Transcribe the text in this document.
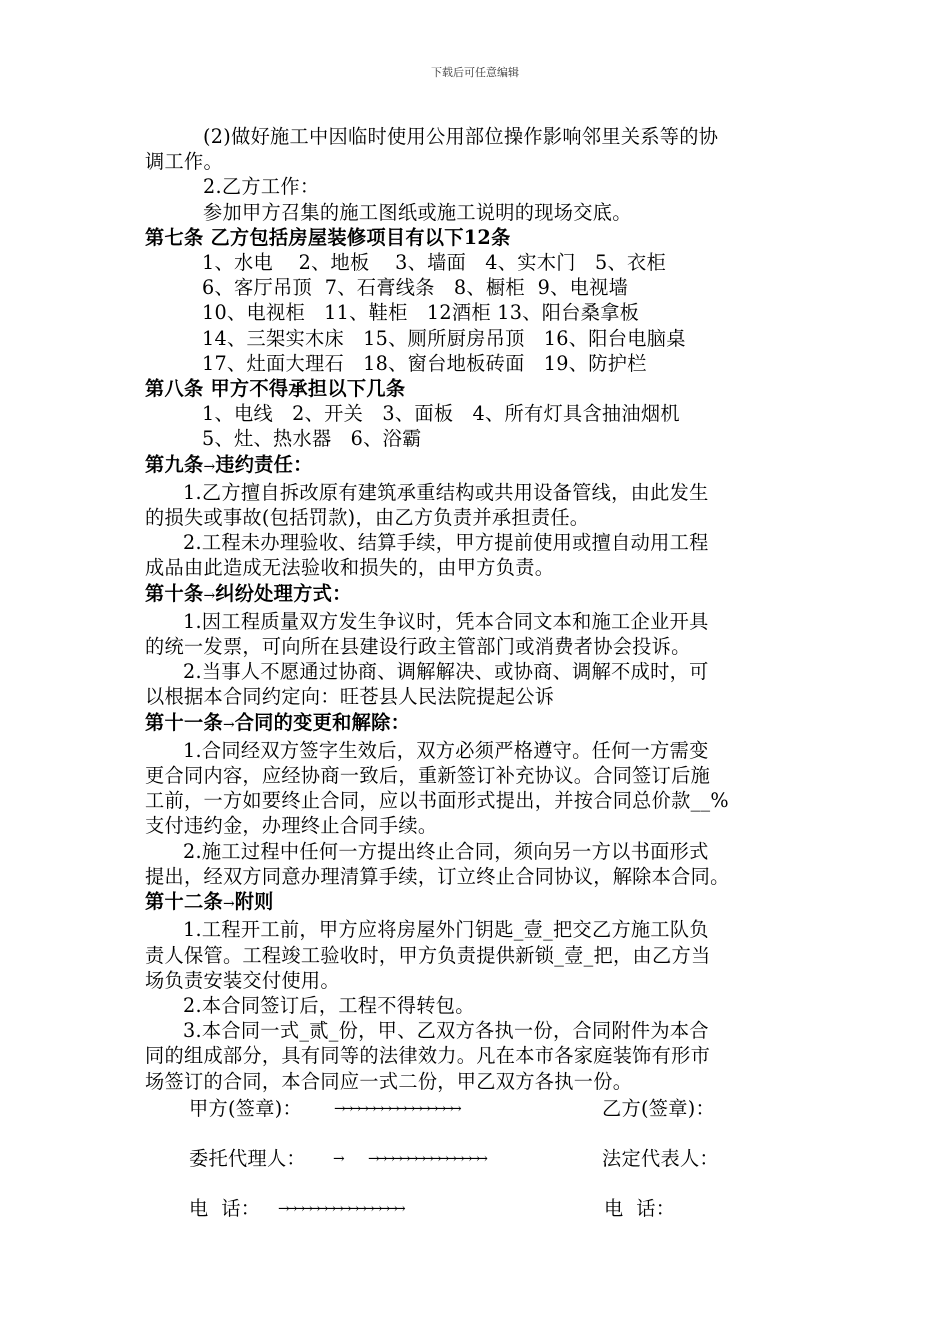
下载后可任意编辑

(2)做好施工中因临时使用公用部位操作影响邻里关系等的协

调工作。

2.乙方工作：

参加甲方召集的施工图纸或施工说明的现场交底。

第七条 乙方包括房屋装修项目有以下12条

1、水电    2、地板    3、墙面   4、实木门   5、衣柜

6、客厅吊顶  7、石膏线条   8、橱柜  9、电视墙

10、电视柜   11、鞋柜   12酒柜 13、阳台桑拿板

14、三架实木床   15、厕所厨房吊顶   16、阳台电脑桌

17、灶面大理石   18、窗台地板砖面   19、防护栏

第八条 甲方不得承担以下几条

1、电线   2、开关   3、面板   4、所有灯具含抽油烟机

5、灶、热水器   6、浴霸

第九条→ 违约责任：

1.乙方擅自拆改原有建筑承重结构或共用设备管线，由此发生

的损失或事故(包括罚款)，由乙方负责并承担责任。

2.工程未办理验收、结算手续，甲方提前使用或擅自动用工程

成品由此造成无法验收和损失的，由甲方负责。

第十条→ 纠纷处理方式：

1.因工程质量双方发生争议时，凭本合同文本和施工企业开具

的统一发票，可向所在县建设行政主管部门或消费者协会投诉。

2.当事人不愿通过协商、调解解决、或协商、调解不成时，可

以根据本合同约定向：旺苍县人民法院提起公诉

第十一条→ 合同的变更和解除：

1.合同经双方签字生效后，双方必须严格遵守。任何一方需变

更合同内容，应经协商一致后，重新签订补充协议。合同签订后施

工前，一方如要终止合同，应以书面形式提出，并按合同总价款__%

支付违约金，办理终止合同手续。

2.施工过程中任何一方提出终止合同，须向另一方以书面形式

提出，经双方同意办理清算手续，订立终止合同协议，解除本合同。

第十二条→ 附则

1.工程开工前，甲方应将房屋外门钥匙_壹_把交乙方施工队负

责人保管。工程竣工验收时，甲方负责提供新锁_壹_把，由乙方当

场负责安装交付使用。

2.本合同签订后，工程不得转包。

3.本合同一式_贰_份，甲、乙双方各执一份，合同附件为本合

同的组成部分，具有同等的法律效力。凡在本市各家庭装饰有形市

场签订的合同，本合同应一式二份，甲乙双方各执一份。

甲方(签章)： →→→→→→→→→→→→→→→→	乙方(签章)：
委托代理人： → →→→→→→→→→→→→→→→	法定代表人：
电  话： →→→→→→→→→→→→→→→→	电  话：
